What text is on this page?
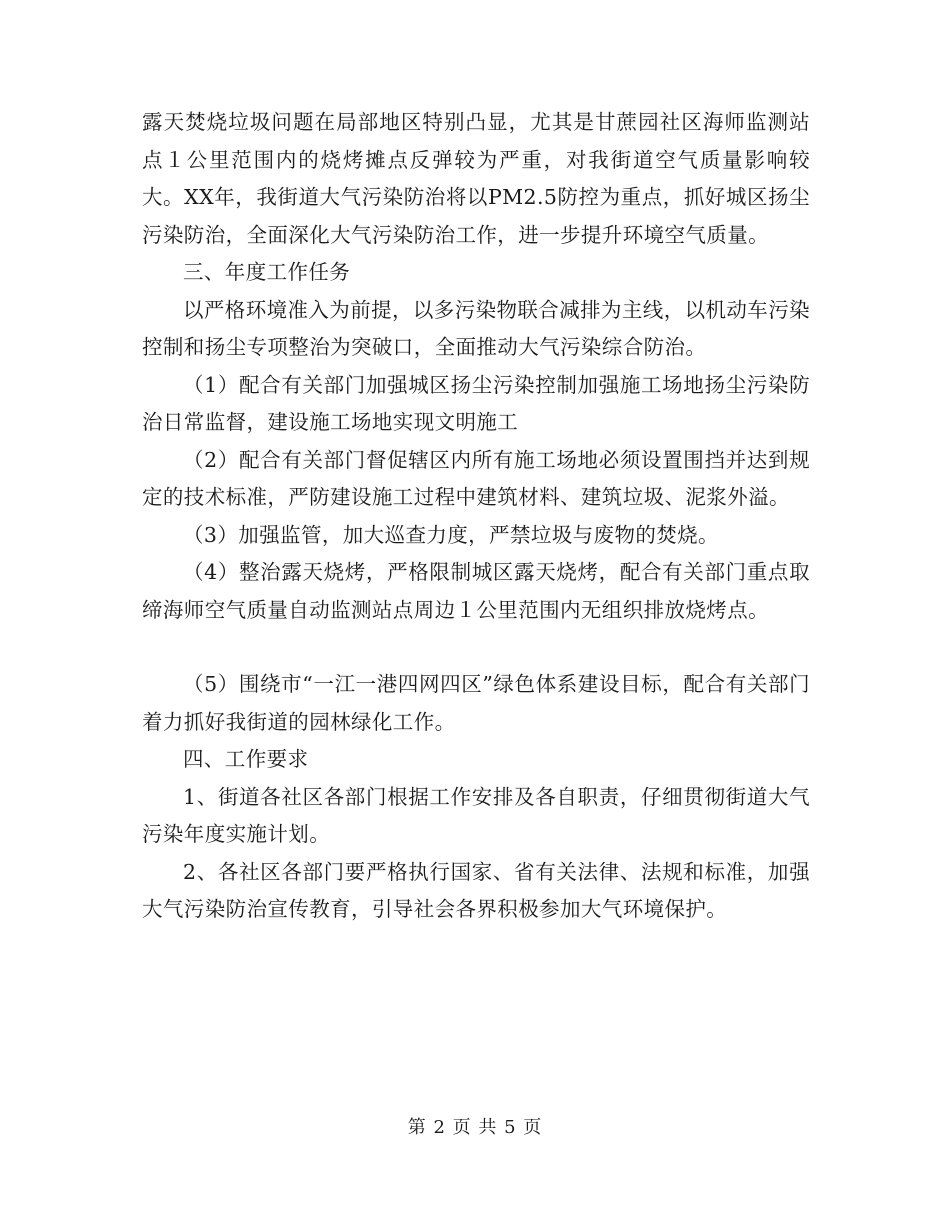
露天焚烧垃圾问题在局部地区特别凸显，尤其是甘蔗园社区海师监测站点１公里范围内的烧烤摊点反弹较为严重，对我街道空气质量影响较大。XX年，我街道大气污染防治将以PM2.5防控为重点，抓好城区扬尘污染防治，全面深化大气污染防治工作，进一步提升环境空气质量。

三、年度工作任务

以严格环境准入为前提，以多污染物联合减排为主线，以机动车污染控制和扬尘专项整治为突破口，全面推动大气污染综合防治。

（1）配合有关部门加强城区扬尘污染控制加强施工场地扬尘污染防治日常监督，建设施工场地实现文明施工

（2）配合有关部门督促辖区内所有施工场地必须设置围挡并达到规定的技术标准，严防建设施工过程中建筑材料、建筑垃圾、泥浆外溢。

（3）加强监管，加大巡查力度，严禁垃圾与废物的焚烧。

（4）整治露天烧烤，严格限制城区露天烧烤，配合有关部门重点取缔海师空气质量自动监测站点周边１公里范围内无组织排放烧烤点。

（5）围绕市“一江一港四网四区”绿色体系建设目标，配合有关部门着力抓好我街道的园林绿化工作。

四、工作要求

1、街道各社区各部门根据工作安排及各自职责，仔细贯彻街道大气污染年度实施计划。

2、各社区各部门要严格执行国家、省有关法律、法规和标准，加强大气污染防治宣传教育，引导社会各界积极参加大气环境保护。

第 2 页 共 5 页
